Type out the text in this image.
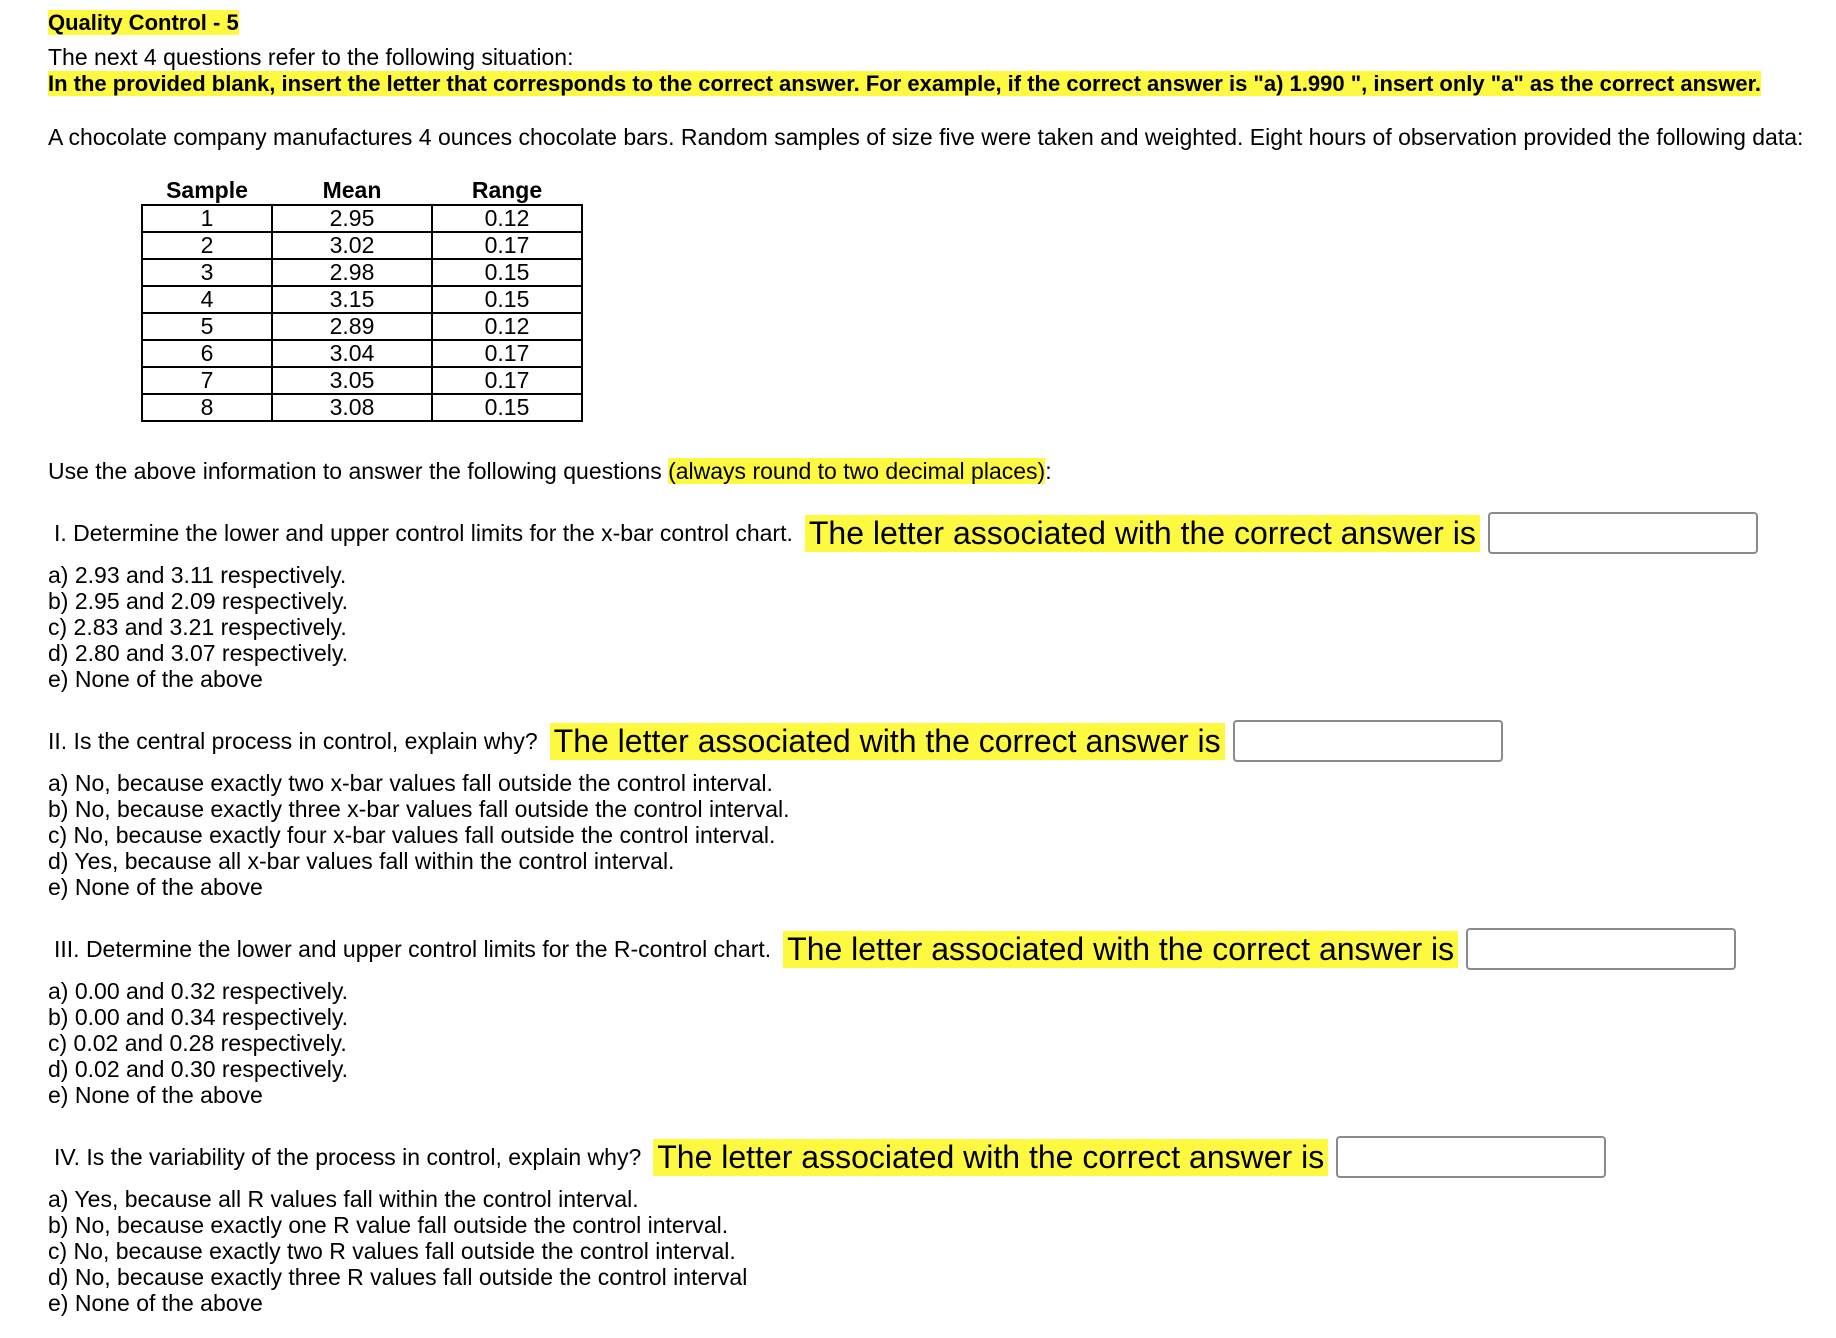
Quality Control - 5
The next 4 questions refer to the following situation:
In the provided blank, insert the letter that corresponds to the correct answer. For example, if the correct answer is "a) 1.990 ", insert only "a" as the correct answer.
A chocolate company manufactures 4 ounces chocolate bars. Random samples of size five were taken and weighted. Eight hours of observation provided the following data:
Sample	Mean	Range
1	2.95	0.12
2	3.02	0.17
3	2.98	0.15
4	3.15	0.15
5	2.89	0.12
6	3.04	0.17
7	3.05	0.17
8	3.08	0.15
Use the above information to answer the following questions (always round to two decimal places):
I. Determine the lower and upper control limits for the x-bar control chart. The letter associated with the correct answer is
a) 2.93 and 3.11 respectively.
b) 2.95 and 2.09 respectively.
c) 2.83 and 3.21 respectively.
d) 2.80 and 3.07 respectively.
e) None of the above
II. Is the central process in control, explain why? The letter associated with the correct answer is
a) No, because exactly two x-bar values fall outside the control interval.
b) No, because exactly three x-bar values fall outside the control interval.
c) No, because exactly four x-bar values fall outside the control interval.
d) Yes, because all x-bar values fall within the control interval.
e) None of the above
III. Determine the lower and upper control limits for the R-control chart. The letter associated with the correct answer is
a) 0.00 and 0.32 respectively.
b) 0.00 and 0.34 respectively.
c) 0.02 and 0.28 respectively.
d) 0.02 and 0.30 respectively.
e) None of the above
IV. Is the variability of the process in control, explain why? The letter associated with the correct answer is
a) Yes, because all R values fall within the control interval.
b) No, because exactly one R value fall outside the control interval.
c) No, because exactly two R values fall outside the control interval.
d) No, because exactly three R values fall outside the control interval
e) None of the above
